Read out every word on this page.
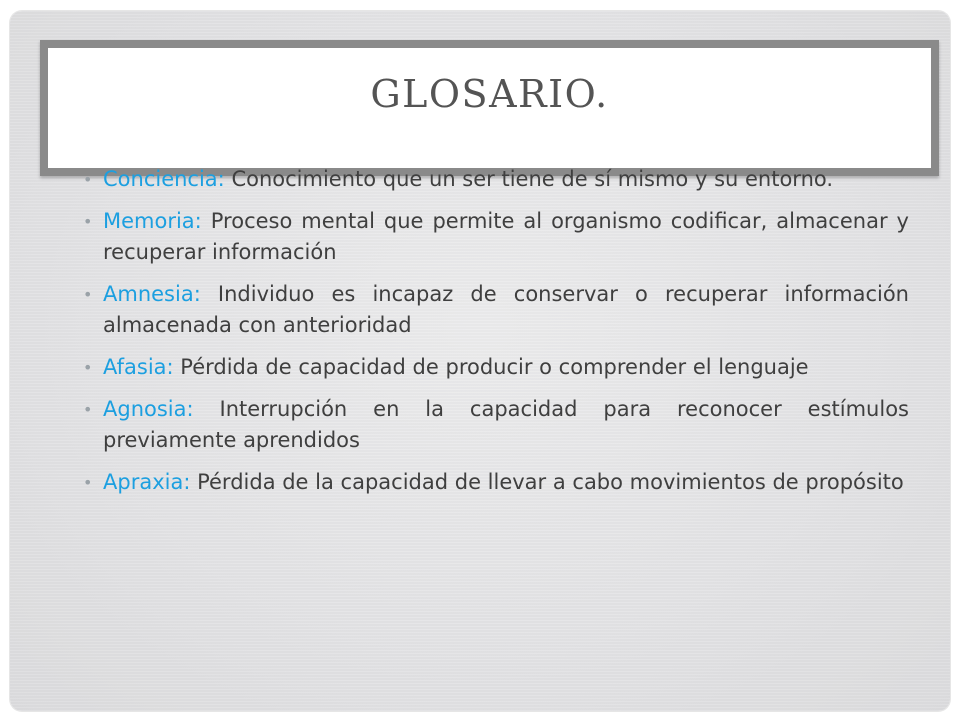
GLOSARIO.
• Conciencia: Conocimiento que un ser tiene de sí mismo y su entorno.
• Memoria: Proceso mental que permite al organismo codificar, almacenar y recuperar información
• Amnesia: Individuo es incapaz de conservar o recuperar información almacenada con anterioridad
• Afasia: Pérdida de capacidad de producir o comprender el lenguaje
• Agnosia: Interrupción en la capacidad para reconocer estímulos previamente aprendidos
• Apraxia: Pérdida de la capacidad de llevar a cabo movimientos de propósito
